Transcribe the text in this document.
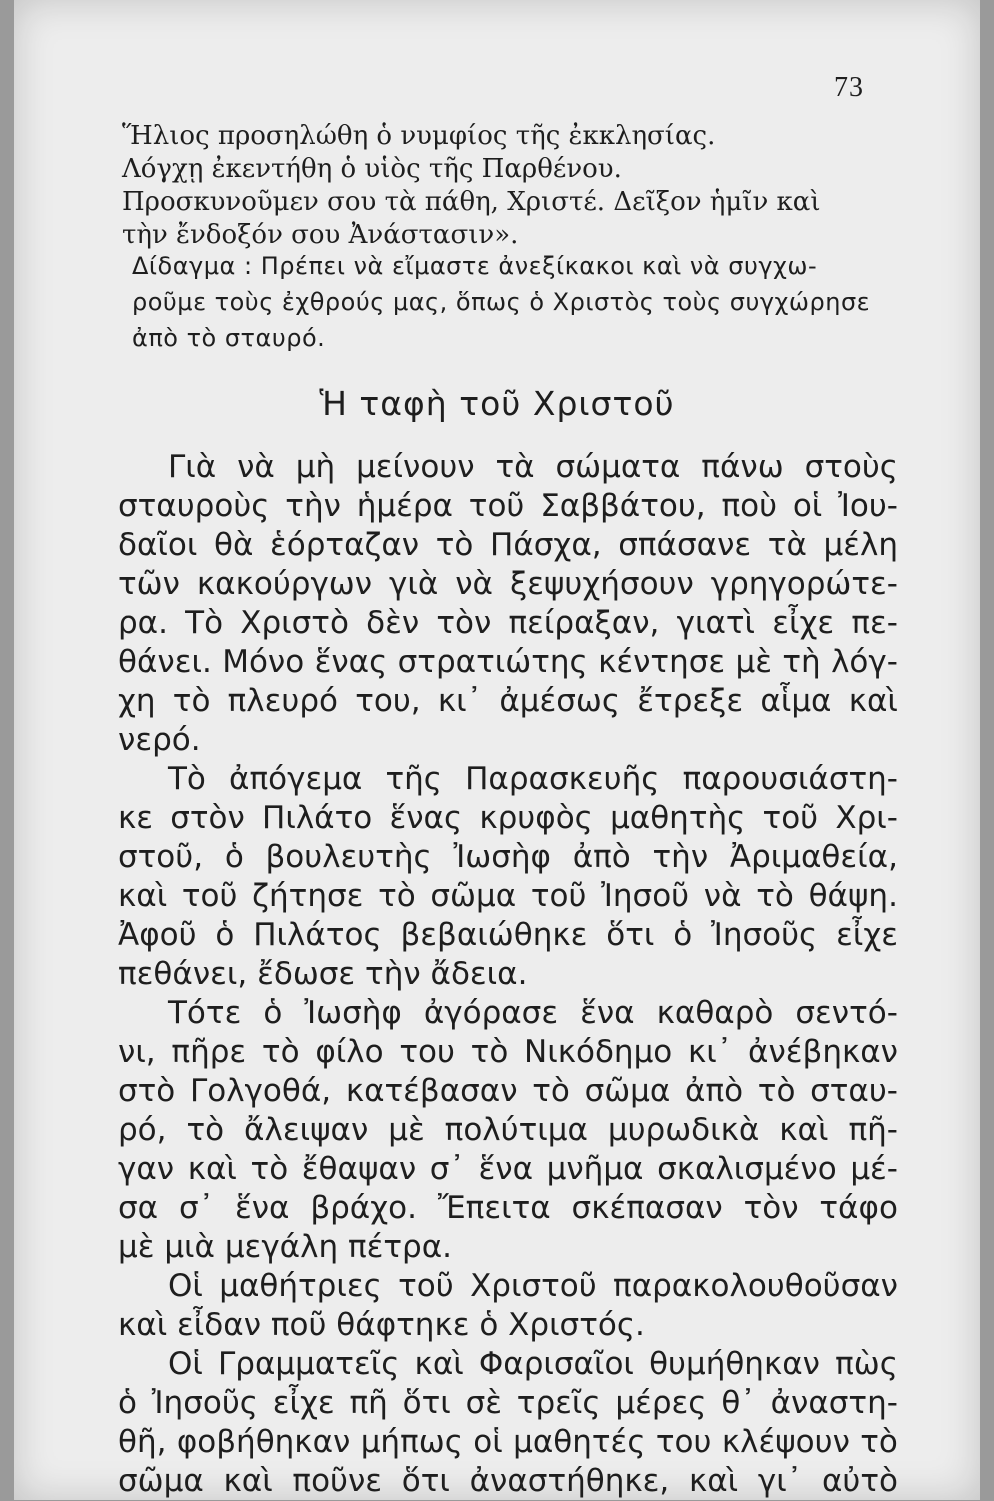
73
Ἥλιος προσηλώθη ὁ νυμφίος τῆς ἐκκλησίας.
Λόγχῃ ἐκεντήθη ὁ υἱὸς τῆς Παρθένου.
Προσκυνοῦμεν σου τὰ πάθη, Χριστέ. Δεῖξον ἡμῖν καὶ
τὴν ἔνδοξόν σου Ἀνάστασιν».
Δίδαγμα : Πρέπει νὰ εἴμαστε ἀνεξίκακοι καὶ νὰ συγχω-
ροῦμε τοὺς ἐχθρούς μας, ὅπως ὁ Χριστὸς τοὺς συγχώρησε
ἀπὸ τὸ σταυρό.
Ἡ ταφὴ τοῦ Χριστοῦ
Γιὰ νὰ μὴ μείνουν τὰ σώματα πάνω στοὺς
σταυροὺς τὴν ἡμέρα τοῦ Σαββάτου, ποὺ οἱ Ἰου-
δαῖοι θὰ ἑόρταζαν τὸ Πάσχα, σπάσανε τὰ μέλη
τῶν κακούργων γιὰ νὰ ξεψυχήσουν γρηγορώτε-
ρα. Τὸ Χριστὸ δὲν τὸν πείραξαν, γιατὶ εἶχε πε-
θάνει. Μόνο ἕνας στρατιώτης κέντησε μὲ τὴ λόγ-
χη τὸ πλευρό του, κι᾿ ἀμέσως ἔτρεξε αἷμα καὶ
νερό.
Τὸ ἀπόγεμα τῆς Παρασκευῆς παρουσιάστη-
κε στὸν Πιλάτο ἕνας κρυφὸς μαθητὴς τοῦ Χρι-
στοῦ, ὁ βουλευτὴς Ἰωσὴφ ἀπὸ τὴν Ἀριμαθεία,
καὶ τοῦ ζήτησε τὸ σῶμα τοῦ Ἰησοῦ νὰ τὸ θάψη.
Ἀφοῦ ὁ Πιλάτος βεβαιώθηκε ὅτι ὁ Ἰησοῦς εἶχε
πεθάνει, ἔδωσε τὴν ἄδεια.
Τότε ὁ Ἰωσὴφ ἀγόρασε ἕνα καθαρὸ σεντό-
νι, πῆρε τὸ φίλο του τὸ Νικόδημο κι᾿ ἀνέβηκαν
στὸ Γολγοθά, κατέβασαν τὸ σῶμα ἀπὸ τὸ σταυ-
ρό, τὸ ἄλειψαν μὲ πολύτιμα μυρωδικὰ καὶ πῆ-
γαν καὶ τὸ ἔθαψαν σ᾿ ἕνα μνῆμα σκαλισμένο μέ-
σα σ᾿ ἕνα βράχο. Ἔπειτα σκέπασαν τὸν τάφο
μὲ μιὰ μεγάλη πέτρα.
Οἱ μαθήτριες τοῦ Χριστοῦ παρακολουθοῦσαν
καὶ εἶδαν ποῦ θάφτηκε ὁ Χριστός.
Οἱ Γραμματεῖς καὶ Φαρισαῖοι θυμήθηκαν πὼς
ὁ Ἰησοῦς εἶχε πῆ ὅτι σὲ τρεῖς μέρες θ᾿ ἀναστη-
θῆ, φοβήθηκαν μήπως οἱ μαθητές του κλέψουν τὸ
σῶμα καὶ ποῦνε ὅτι ἀναστήθηκε, καὶ γι᾿ αὐτὸ
